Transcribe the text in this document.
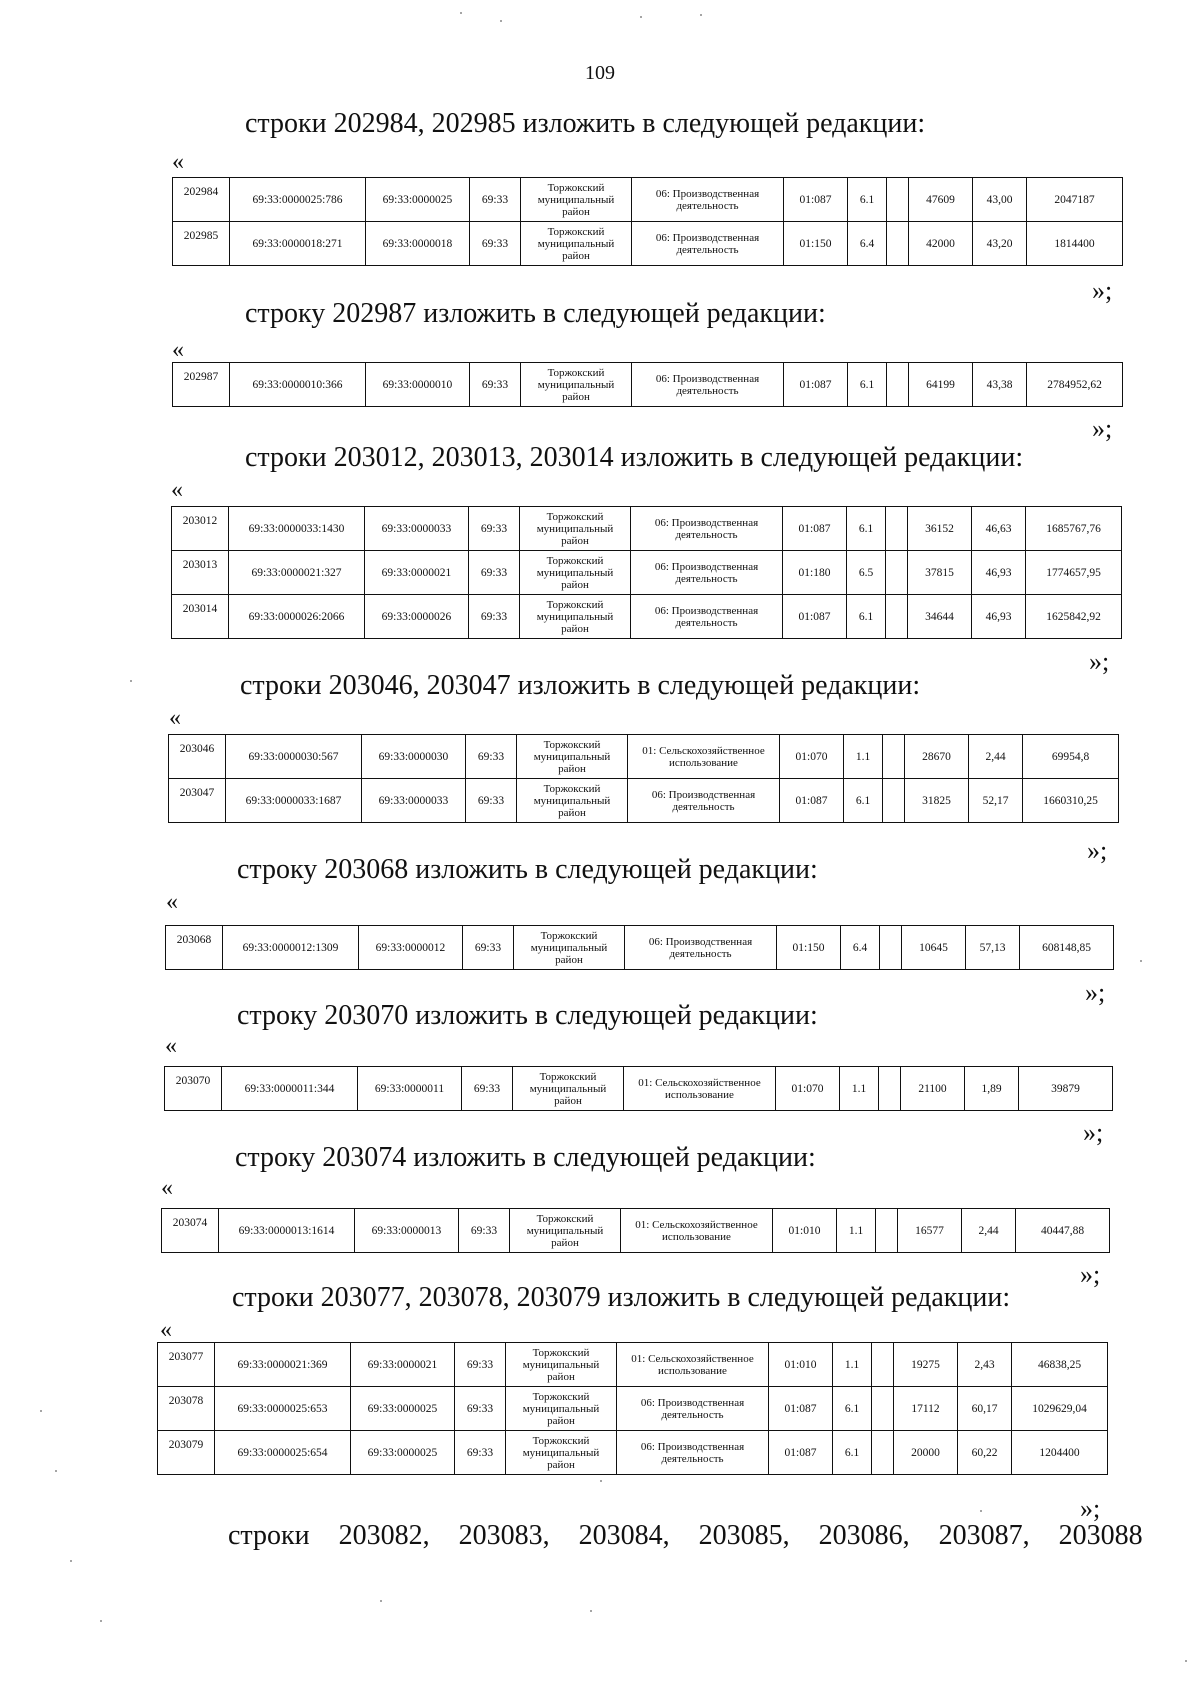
109
строки 202984, 202985 изложить в следующей редакции:
«
202984	69:33:0000025:786	69:33:0000025	69:33	Торжокский муниципальный район	06: Производственная деятельность	01:087	6.1		47609	43,00	2047187
202985	69:33:0000018:271	69:33:0000018	69:33	Торжокский муниципальный район	06: Производственная деятельность	01:150	6.4		42000	43,20	1814400
»;
строку 202987 изложить в следующей редакции:
«
202987	69:33:0000010:366	69:33:0000010	69:33	Торжокский муниципальный район	06: Производственная деятельность	01:087	6.1		64199	43,38	2784952,62
»;
строки 203012, 203013, 203014 изложить в следующей редакции:
«
203012	69:33:0000033:1430	69:33:0000033	69:33	Торжокский муниципальный район	06: Производственная деятельность	01:087	6.1		36152	46,63	1685767,76
203013	69:33:0000021:327	69:33:0000021	69:33	Торжокский муниципальный район	06: Производственная деятельность	01:180	6.5		37815	46,93	1774657,95
203014	69:33:0000026:2066	69:33:0000026	69:33	Торжокский муниципальный район	06: Производственная деятельность	01:087	6.1		34644	46,93	1625842,92
»;
строки 203046, 203047 изложить в следующей редакции:
«
203046	69:33:0000030:567	69:33:0000030	69:33	Торжокский муниципальный район	01: Сельскохозяйственное использование	01:070	1.1		28670	2,44	69954,8
203047	69:33:0000033:1687	69:33:0000033	69:33	Торжокский муниципальный район	06: Производственная деятельность	01:087	6.1		31825	52,17	1660310,25
»;
строку 203068 изложить в следующей редакции:
«
203068	69:33:0000012:1309	69:33:0000012	69:33	Торжокский муниципальный район	06: Производственная деятельность	01:150	6.4		10645	57,13	608148,85
»;
строку 203070 изложить в следующей редакции:
«
203070	69:33:0000011:344	69:33:0000011	69:33	Торжокский муниципальный район	01: Сельскохозяйственное использование	01:070	1.1		21100	1,89	39879
»;
строку 203074 изложить в следующей редакции:
«
203074	69:33:0000013:1614	69:33:0000013	69:33	Торжокский муниципальный район	01: Сельскохозяйственное использование	01:010	1.1		16577	2,44	40447,88
»;
строки 203077, 203078, 203079 изложить в следующей редакции:
«
203077	69:33:0000021:369	69:33:0000021	69:33	Торжокский муниципальный район	01: Сельскохозяйственное использование	01:010	1.1		19275	2,43	46838,25
203078	69:33:0000025:653	69:33:0000025	69:33	Торжокский муниципальный район	06: Производственная деятельность	01:087	6.1		17112	60,17	1029629,04
203079	69:33:0000025:654	69:33:0000025	69:33	Торжокский муниципальный район	06: Производственная деятельность	01:087	6.1		20000	60,22	1204400
»;
строки 203082, 203083, 203084, 203085, 203086, 203087, 203088
